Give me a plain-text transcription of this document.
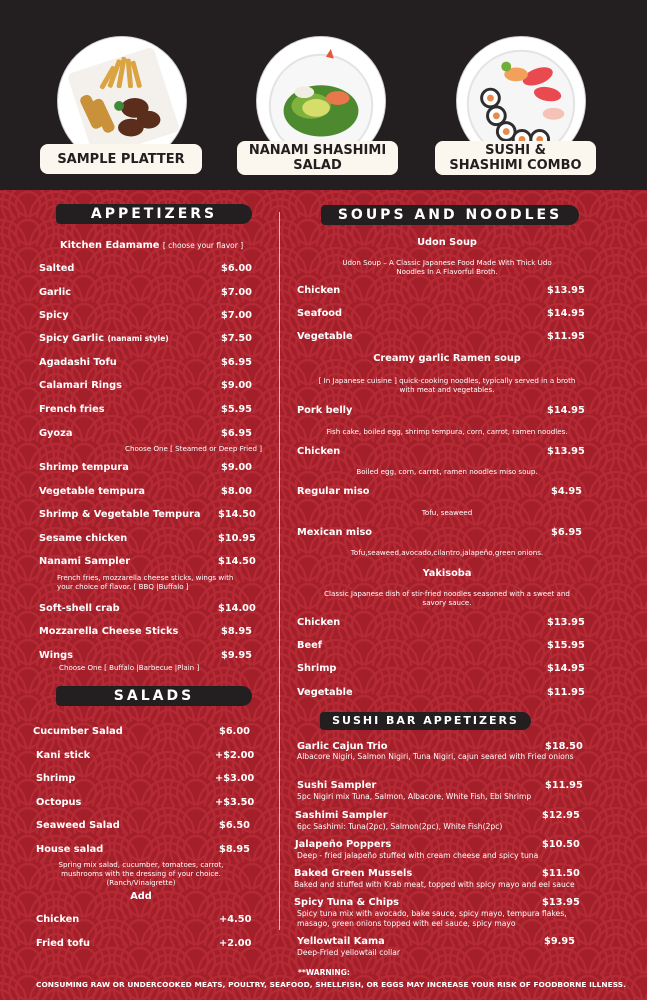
SAMPLE PLATTER
NANAMI SHASHIMI
SALAD
SUSHI &
SHASHIMI COMBO
APPETIZERS	SOUPS AND NOODLES
SALADS
SUSHI BAR APPETIZERS
Kitchen Edamame [ choose your flavor ]
Salted	$6.00
Garlic	$7.00
Spicy	$7.00
Spicy Garlic (nanami style)	$7.50
Agadashi Tofu	$6.95
Calamari Rings	$9.00
French fries	$5.95
Gyoza	$6.95
Choose One [ Steamed or Deep Fried ]
Shrimp tempura	$9.00
Vegetable tempura	$8.00
Shrimp & Vegetable Tempura $14.50
Sesame chicken	$10.95
Nanami Sampler	$14.50
French fries, mozzarella cheese sticks, wings with
your choice of flavor. [ BBQ |Buffalo ]
Soft-shell crab	$14.00
Mozzarella Cheese Sticks	$8.95
Wings	$9.95
Choose One [ Buffalo |Barbecue |Plain ]
Cucumber Salad	$6.00
Kani stick	+$2.00
Shrimp	+$3.00
Octopus	+$3.50
Seaweed Salad	$6.50
House salad	$8.95
Spring mix salad, cucumber, tomatoes, carrot,
mushrooms with the dressing of your choice.
(Ranch/Vinaigrette)
Add
Chicken	+4.50
Fried tofu	+2.00
Udon Soup
Udon Soup – A Classic Japanese Food Made With Thick Udo
Noodles In A Flavorful Broth.
Chicken	$13.95
Seafood	$14.95
Vegetable	$11.95
Creamy garlic Ramen soup
[ In Japanese cuisine ] quick-cooking noodles, typically served in a broth
with meat and vegetables.
Pork belly	$14.95
Fish cake, boiled egg, shrimp tempura, corn, carrot, ramen noodles.
Chicken	$13.95
Boiled egg, corn, carrot, ramen noodles miso soup.
Regular miso	$4.95
Tofu, seaweed
Mexican miso	$6.95
Tofu,seaweed,avocado,cilantro,jalapeño,green onions.
Yakisoba
Classic Japanese dish of stir-fried noodles seasoned with a sweet and
savory sauce.
Chicken	$13.95
Beef	$15.95
Shrimp	$14.95
Vegetable	$11.95
Garlic Cajun Trio	$18.50
Albacore Nigiri, Salmon Nigiri, Tuna Nigiri, cajun seared with Fried onions
Sushi Sampler	$11.95
5pc Nigiri mix Tuna, Salmon, Albacore, White Fish, Ebi Shrimp
Sashimi Sampler	$12.95
6pc Sashimi: Tuna(2pc), Salmon(2pc), White Fish(2pc)
Jalapeño Poppers	$10.50
Deep - fried jalapeño stuffed with cream cheese and spicy tuna
Baked Green Mussels	$11.50
Baked and stuffed with Krab meat, topped with spicy mayo and eel sauce
Spicy Tuna & Chips	$13.95
Spicy tuna mix with avocado, bake sauce, spicy mayo, tempura flakes,
masago, green onions topped with eel sauce, spicy mayo
Yellowtail Kama	$9.95
Deep-Fried yellowtail collar
**WARNING:
CONSUMING RAW OR UNDERCOOKED MEATS, POULTRY, SEAFOOD, SHELLFISH, OR EGGS MAY INCREASE YOUR RISK OF FOODBORNE ILLNESS.
